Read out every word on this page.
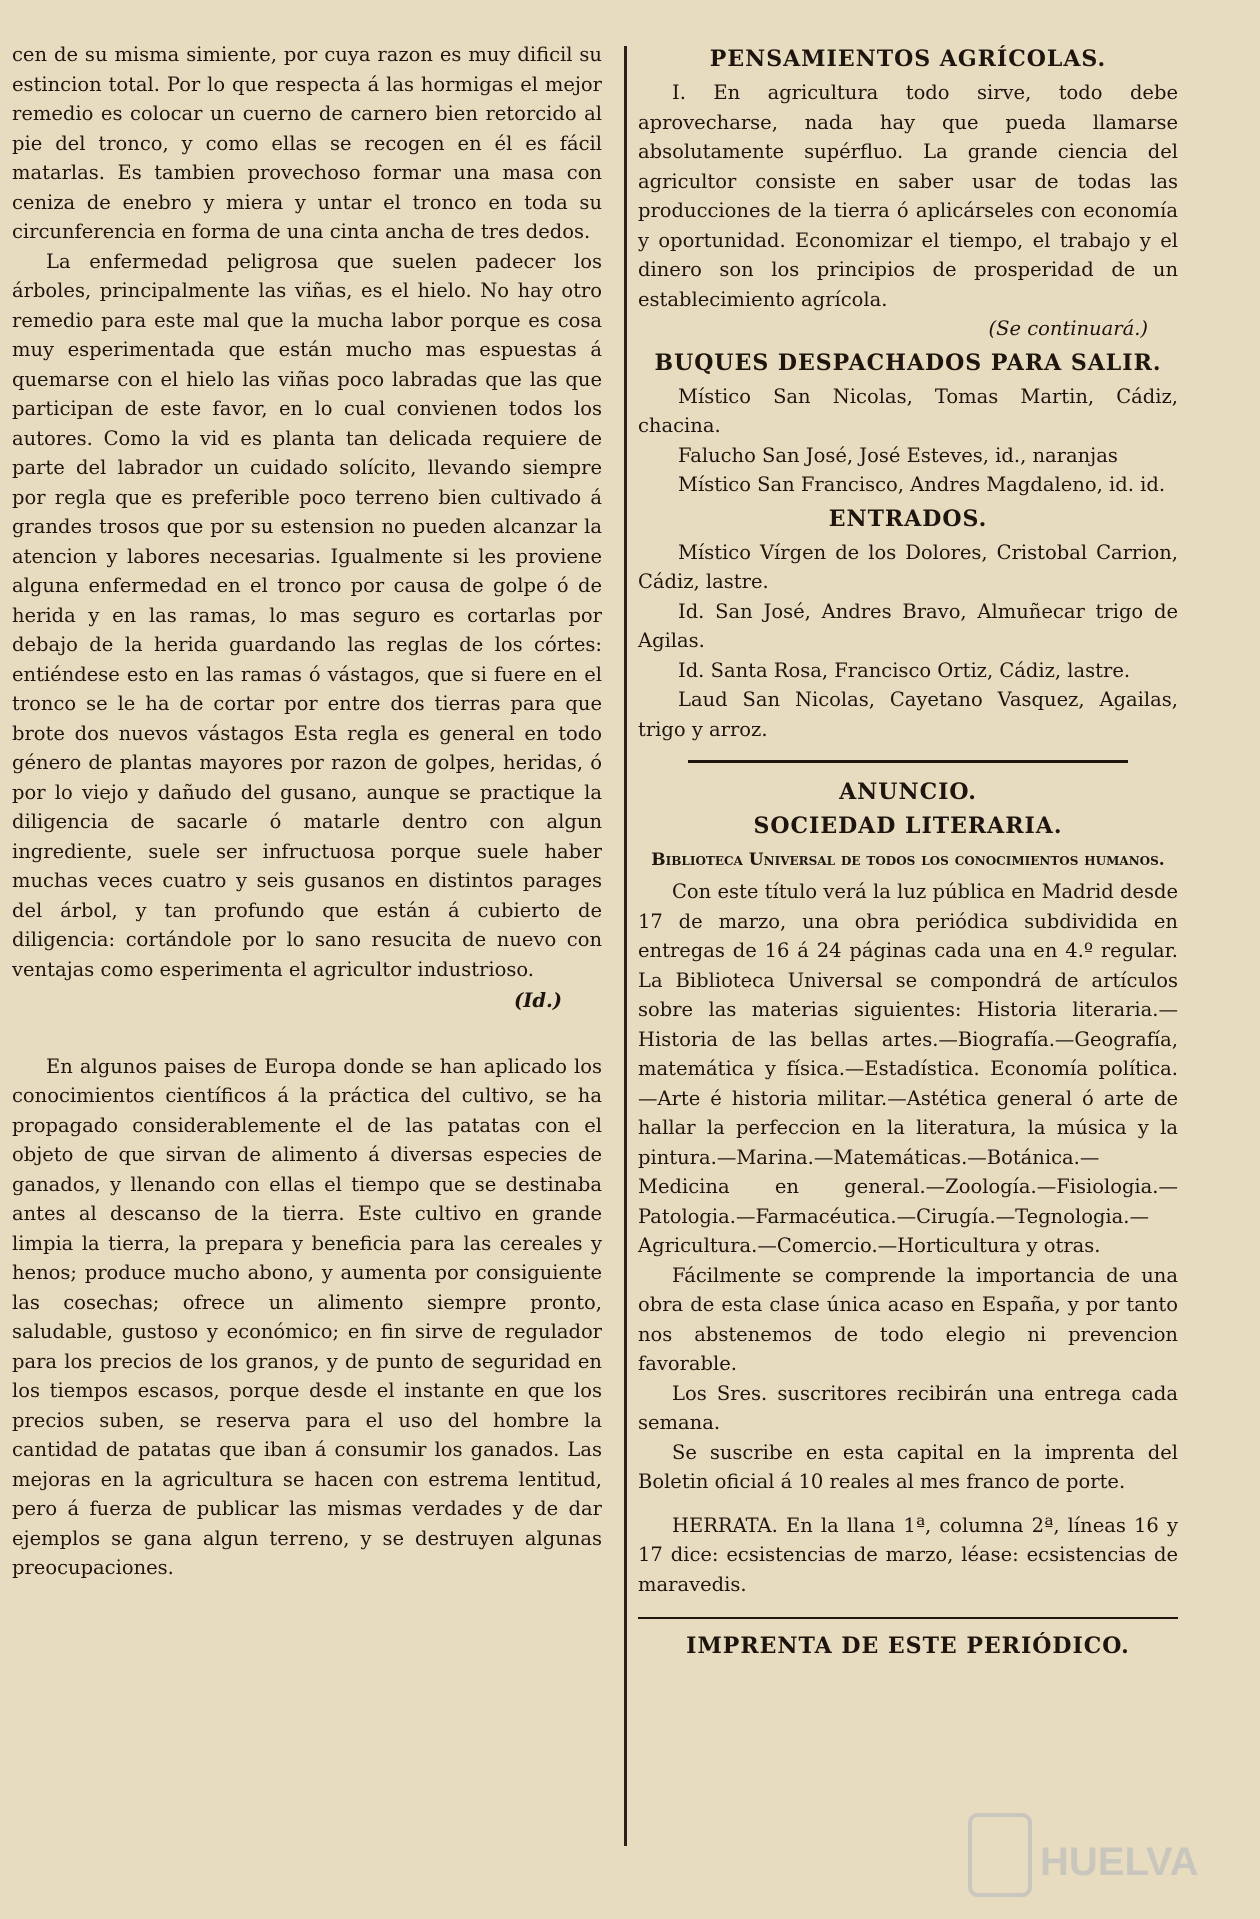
cen de su misma simiente, por cuya razon es muy dificil su estincion total. Por lo que respecta á las hormigas el mejor remedio es colocar un cuerno de carnero bien retorcido al pie del tronco, y como ellas se recogen en él es fácil matarlas. Es tambien provechoso formar una masa con ceniza de enebro y miera y untar el tronco en toda su circunferencia en forma de una cinta ancha de tres dedos.

La enfermedad peligrosa que suelen padecer los árboles, principalmente las viñas, es el hielo. No hay otro remedio para este mal que la mucha labor porque es cosa muy esperimentada que están mucho mas espuestas á quemarse con el hielo las viñas poco labradas que las que participan de este favor, en lo cual convienen todos los autores. Como la vid es planta tan delicada requiere de parte del labrador un cuidado solícito, llevando siempre por regla que es preferible poco terreno bien cultivado á grandes trosos que por su estension no pueden alcanzar la atencion y labores necesarias. Igualmente si les proviene alguna enfermedad en el tronco por causa de golpe ó de herida y en las ramas, lo mas seguro es cortarlas por debajo de la herida guardando las reglas de los córtes: entiéndese esto en las ramas ó vástagos, que si fuere en el tronco se le ha de cortar por entre dos tierras para que brote dos nuevos vástagos Esta regla es general en todo género de plantas mayores por razon de golpes, heridas, ó por lo viejo y dañudo del gusano, aunque se practique la diligencia de sacarle ó matarle dentro con algun ingrediente, suele ser infructuosa porque suele haber muchas veces cuatro y seis gusanos en distintos parages del árbol, y tan profundo que están á cubierto de diligencia: cortándole por lo sano resucita de nuevo con ventajas como esperimenta el agricultor industrioso.

(Id.)

En algunos paises de Europa donde se han aplicado los conocimientos científicos á la práctica del cultivo, se ha propagado considerablemente el de las patatas con el objeto de que sirvan de alimento á diversas especies de ganados, y llenando con ellas el tiempo que se destinaba antes al descanso de la tierra. Este cultivo en grande limpia la tierra, la prepara y beneficia para las cereales y henos; produce mucho abono, y aumenta por consiguiente las cosechas; ofrece un alimento siempre pronto, saludable, gustoso y económico; en fin sirve de regulador para los precios de los granos, y de punto de seguridad en los tiempos escasos, porque desde el instante en que los precios suben, se reserva para el uso del hombre la cantidad de patatas que iban á consumir los ganados. Las mejoras en la agricultura se hacen con estrema lentitud, pero á fuerza de publicar las mismas verdades y de dar ejemplos se gana algun terreno, y se destruyen algunas preocupaciones.

PENSAMIENTOS AGRÍCOLAS.

I. En agricultura todo sirve, todo debe aprovecharse, nada hay que pueda llamarse absolutamente supérfluo. La grande ciencia del agricultor consiste en saber usar de todas las producciones de la tierra ó aplicárseles con economía y oportunidad. Economizar el tiempo, el trabajo y el dinero son los principios de prosperidad de un establecimiento agrícola.

(Se continuará.)

BUQUES DESPACHADOS PARA SALIR.

Místico San Nicolas, Tomas Martin, Cádiz, chacina.

Falucho San José, José Esteves, id., naranjas

Místico San Francisco, Andres Magdaleno, id. id.

ENTRADOS.

Místico Vírgen de los Dolores, Cristobal Carrion, Cádiz, lastre.

Id. San José, Andres Bravo, Almuñecar trigo de Agilas.

Id. Santa Rosa, Francisco Ortiz, Cádiz, lastre.

Laud San Nicolas, Cayetano Vasquez, Agailas, trigo y arroz.

ANUNCIO.
SOCIEDAD LITERARIA.
Biblioteca Universal de todos los conocimientos humanos.

Con este título verá la luz pública en Madrid desde 17 de marzo, una obra periódica subdividida en entregas de 16 á 24 páginas cada una en 4.º regular. La Biblioteca Universal se compondrá de artículos sobre las materias siguientes: Historia literaria.—Historia de las bellas artes.—Biografía.—Geografía, matemática y física.—Estadística. Economía política.—Arte é historia militar.—Astética general ó arte de hallar la perfeccion en la literatura, la música y la pintura.—Marina.—Matemáticas.—Botánica.—Medicina en general.—Zoología.—Fisiologia.—Patologia.—Farmacéutica.—Cirugía.—Tegnologia.—Agricultura.—Comercio.—Horticultura y otras.

Fácilmente se comprende la importancia de una obra de esta clase única acaso en España, y por tanto nos abstenemos de todo elegio ni prevencion favorable.

Los Sres. suscritores recibirán una entrega cada semana.

Se suscribe en esta capital en la imprenta del Boletin oficial á 10 reales al mes franco de porte.

HERRATA. En la llana 1ª, columna 2ª, líneas 16 y 17 dice: ecsistencias de marzo, léase: ecsistencias de maravedis.

IMPRENTA DE ESTE PERIÓDICO.
HUELVA
